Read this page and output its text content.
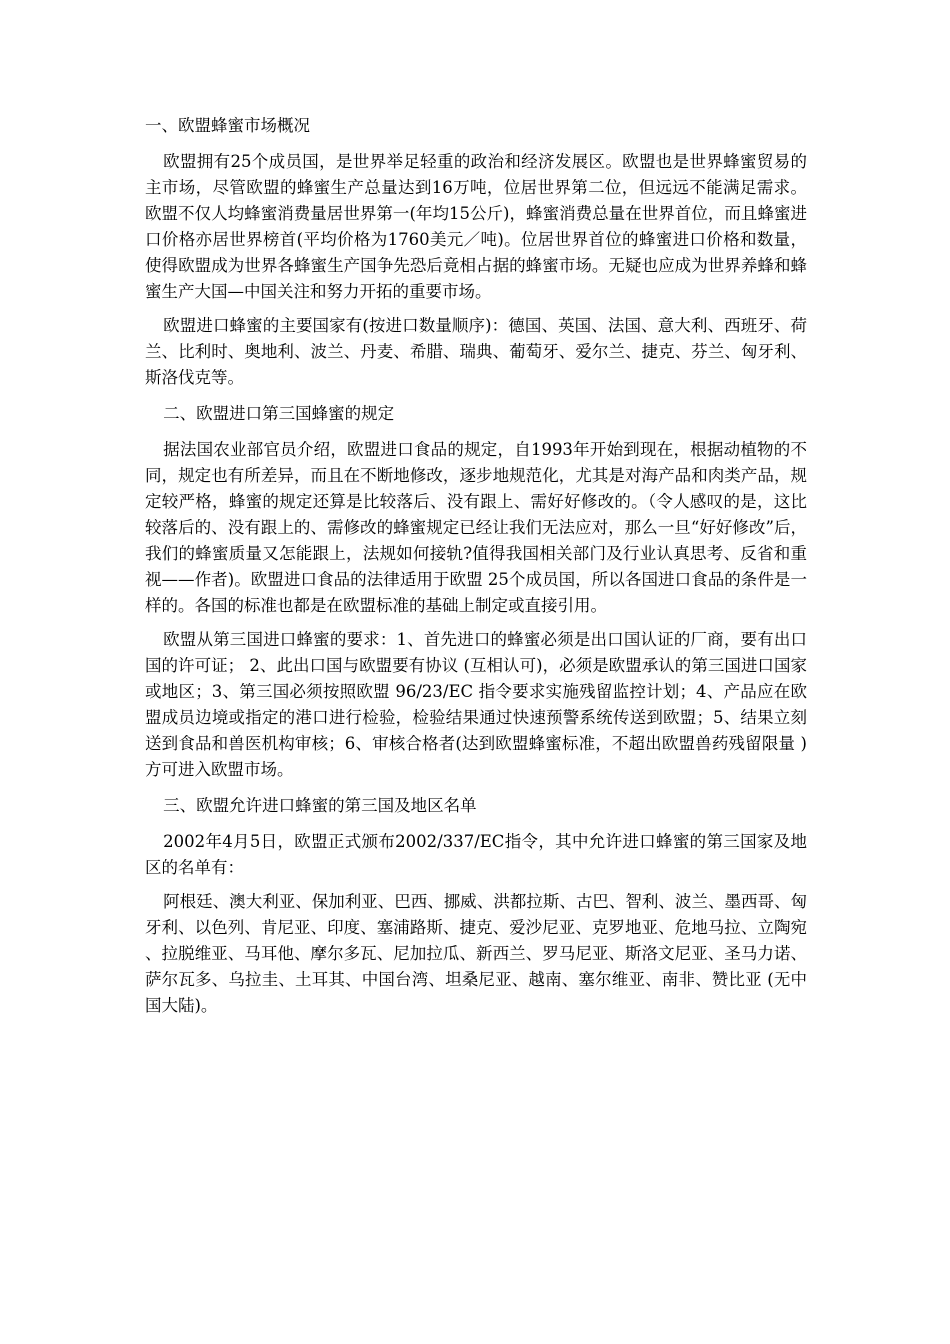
一、欧盟蜂蜜市场概况

欧盟拥有25个成员国，是世界举足轻重的政治和经济发展区。欧盟也是世界蜂蜜贸易的主市场，尽管欧盟的蜂蜜生产总量达到16万吨，位居世界第二位，但远远不能满足需求。欧盟不仅人均蜂蜜消费量居世界第一(年均15公斤)，蜂蜜消费总量在世界首位，而且蜂蜜进口价格亦居世界榜首(平均价格为1760美元／吨)。位居世界首位的蜂蜜进口价格和数量，使得欧盟成为世界各蜂蜜生产国争先恐后竟相占据的蜂蜜市场。无疑也应成为世界养蜂和蜂蜜生产大国—中国关注和努力开拓的重要市场。

欧盟进口蜂蜜的主要国家有(按进口数量顺序)：德国、英国、法国、意大利、西班牙、荷兰、比利时、奥地利、波兰、丹麦、希腊、瑞典、葡萄牙、爱尔兰、捷克、芬兰、匈牙利、斯洛伐克等。

二、欧盟进口第三国蜂蜜的规定

据法国农业部官员介绍，欧盟进口食品的规定，自1993年开始到现在，根据动植物的不同，规定也有所差异，而且在不断地修改，逐步地规范化，尤其是对海产品和肉类产品，规定较严格，蜂蜜的规定还算是比较落后、没有跟上、需好好修改的。（令人感叹的是，这比较落后的、没有跟上的、需修改的蜂蜜规定已经让我们无法应对，那么一旦“好好修改”后，我们的蜂蜜质量又怎能跟上，法规如何接轨?值得我国相关部门及行业认真思考、反省和重视——作者)。欧盟进口食品的法律适用于欧盟 25个成员国，所以各国进口食品的条件是一样的。各国的标准也都是在欧盟标准的基础上制定或直接引用。

欧盟从第三国进口蜂蜜的要求：1、首先进口的蜂蜜必须是出口国认证的厂商，要有出口国的许可证； 2、此出口国与欧盟要有协议 (互相认可)，必须是欧盟承认的第三国进口国家或地区；3、第三国必须按照欧盟 96/23/EC 指令要求实施残留监控计划；4、产品应在欧盟成员边境或指定的港口进行检验，检验结果通过快速预警系统传送到欧盟；5、结果立刻送到食品和兽医机构审核；6、审核合格者(达到欧盟蜂蜜标准，不超出欧盟兽药残留限量 )方可进入欧盟市场。

三、欧盟允许进口蜂蜜的第三国及地区名单

2002年4月5日，欧盟正式颁布2002/337/EC指令，其中允许进口蜂蜜的第三国家及地区的名单有：

阿根廷、澳大利亚、保加利亚、巴西、挪威、洪都拉斯、古巴、智利、波兰、墨西哥、匈牙利、以色列、肯尼亚、印度、塞浦路斯、捷克、爱沙尼亚、克罗地亚、危地马拉、立陶宛、拉脱维亚、马耳他、摩尔多瓦、尼加拉瓜、新西兰、罗马尼亚、斯洛文尼亚、圣马力诺、萨尔瓦多、乌拉圭、土耳其、中国台湾、坦桑尼亚、越南、塞尔维亚、南非、赞比亚 (无中国大陆)。
